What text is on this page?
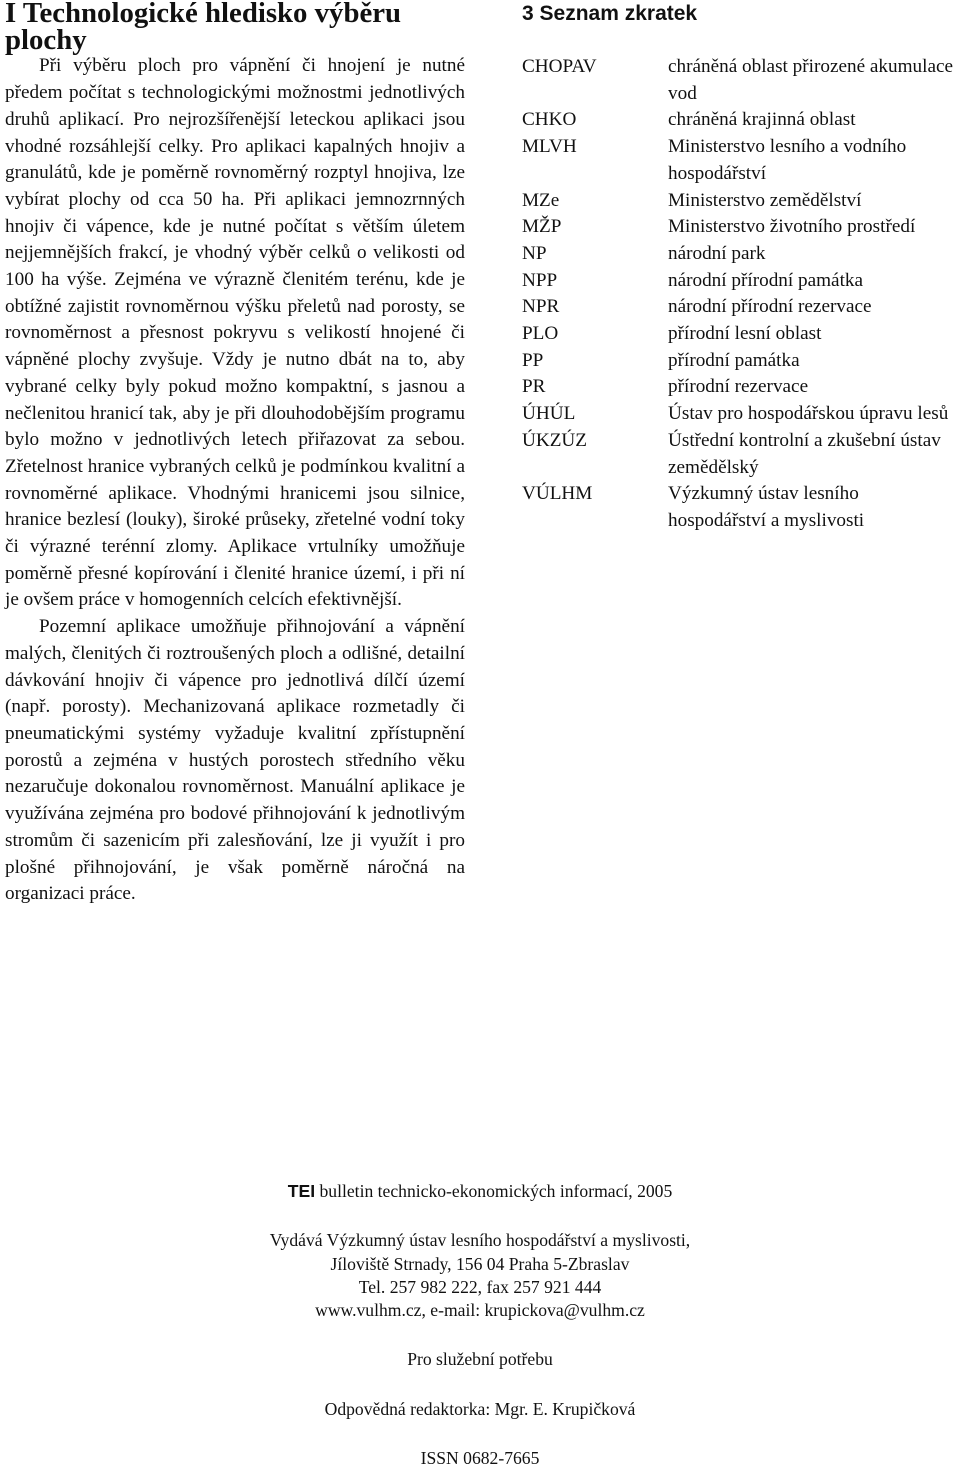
I Technologické hledisko výběru plochy

Při výběru ploch pro vápnění či hnojení je nutné předem počítat s technologickými možnostmi jednotlivých druhů aplikací. Pro nejrozšířenější leteckou aplikaci jsou vhodné rozsáhlejší celky. Pro aplikaci kapalných hnojiv a granulátů, kde je poměrně rovnoměrný rozptyl hnojiva, lze vybírat plochy od cca 50 ha. Při aplikaci jemnozrnných hnojiv či vápence, kde je nutné počítat s větším úletem nejjemnějších frakcí, je vhodný výběr celků o velikosti od 100 ha výše. Zejména ve výrazně členitém terénu, kde je obtížné zajistit rovnoměrnou výšku přeletů nad porosty, se rovnoměrnost a přesnost pokryvu s velikostí hnojené či vápněné plochy zvyšuje. Vždy je nutno dbát na to, aby vybrané celky byly pokud možno kompaktní, s jasnou a nečlenitou hranicí tak, aby je při dlouhodobějším programu bylo možno v jednotlivých letech přiřazovat za sebou. Zřetelnost hranice vybraných celků je podmínkou kvalitní a rovnoměrné aplikace. Vhodnými hranicemi jsou silnice, hranice bezlesí (louky), široké průseky, zřetelné vodní toky či výrazné terénní zlomy. Aplikace vrtulníky umožňuje poměrně přesné kopírování i členité hranice území, i při ní je ovšem práce v homogenních celcích efektivnější.

Pozemní aplikace umožňuje přihnojování a vápnění malých, členitých či roztroušených ploch a odlišné, detailní dávkování hnojiv či vápence pro jednotlivá dílčí území (např. porosty). Mechanizovaná aplikace rozmetadly či pneumatickými systémy vyžaduje kvalitní zpřístupnění porostů a zejména v hustých porostech středního věku nezaručuje dokonalou rovnoměrnost. Manuální aplikace je využívána zejména pro bodové přihnojování k jednotlivým stromům či sazenicím při zalesňování, lze ji využít i pro plošné přihnojování, je však poměrně náročná na organizaci práce.

3 Seznam zkratek
CHOPAV	chráněná oblast přirozené akumulace vod
CHKO	chráněná krajinná oblast
MLVH	Ministerstvo lesního a vodního hospodářství
MZe	Ministerstvo zemědělství
MŽP	Ministerstvo životního prostředí
NP	národní park
NPP	národní přírodní památka
NPR	národní přírodní rezervace
PLO	přírodní lesní oblast
PP	přírodní památka
PR	přírodní rezervace
ÚHÚL	Ústav pro hospodářskou úpravu lesů
ÚKZÚZ	Ústřední kontrolní a zkušební ústav zemědělský
VÚLHM	Výzkumný ústav lesního hospodářství a myslivosti
TEI bulletin technicko-ekonomických informací, 2005
Vydává Výzkumný ústav lesního hospodářství a myslivosti,
Jíloviště Strnady, 156 04 Praha 5-Zbraslav
Tel. 257 982 222, fax 257 921 444
www.vulhm.cz, e-mail: krupickova@vulhm.cz
Pro služební potřebu
Odpovědná redaktorka: Mgr. E. Krupičková
ISSN 0682-7665
